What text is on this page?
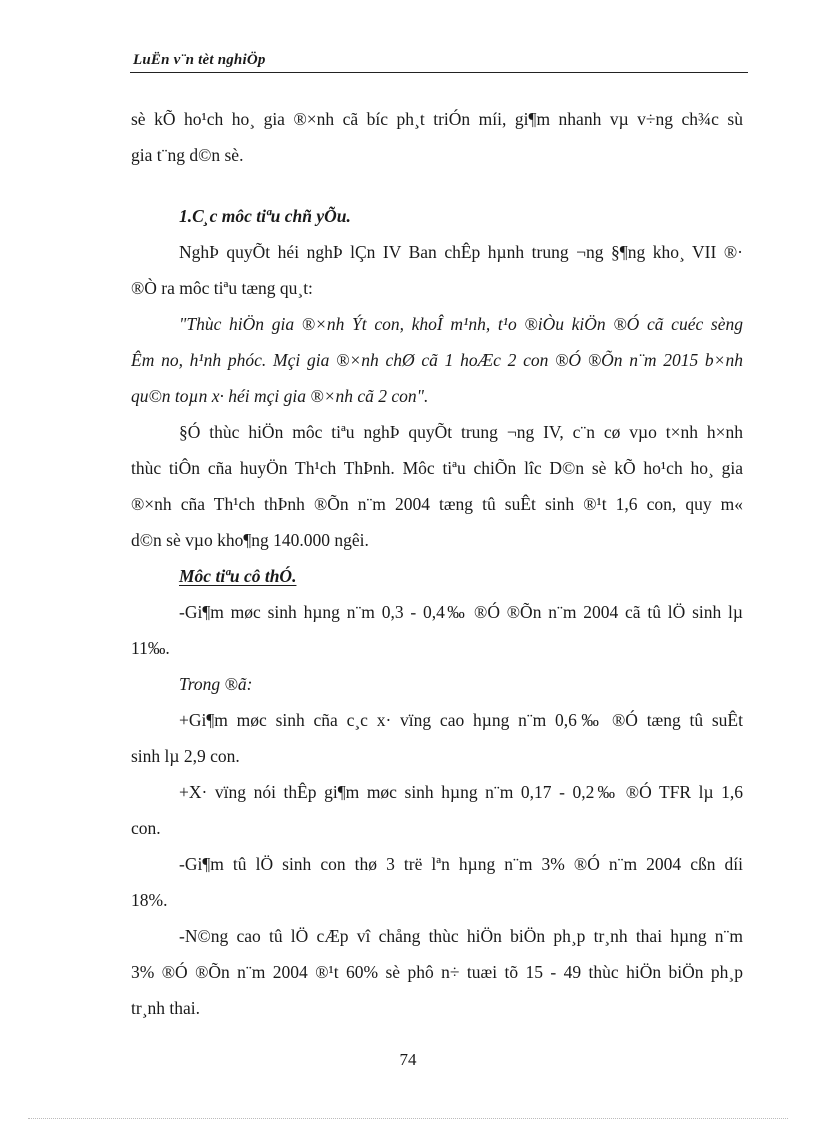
LuËn v¨n tèt nghiÖp
sè kÕ ho¹ch ho¸ gia ®×nh cã bíc ph¸t triÓn míi, gi¶m nhanh vµ v÷ng ch¾c sù
gia t¨ng d©n sè.
1.C¸c môc tiªu chñ yÕu.
NghÞ quyÕt héi nghÞ lÇn IV Ban chÊp hµnh trung ¬ng §¶ng kho¸ VII ®·
®Ò ra môc tiªu tæng qu¸t:
"Thùc hiÖn gia ®×nh Ýt con, khoÎ m¹nh, t¹o ®iÒu kiÖn ®Ó cã cuéc sèng
Êm no, h¹nh phóc. Mçi gia ®×nh chØ cã 1 hoÆc 2 con ®Ó ®Õn n¨m 2015 b×nh
qu©n toµn x· héi mçi gia ®×nh cã 2 con".
§Ó thùc hiÖn môc tiªu nghÞ quyÕt trung ¬ng IV, c¨n cø vµo t×nh h×nh
thùc tiÔn cña huyÖn Th¹ch ThÞnh. Môc tiªu chiÕn lîc D©n sè kÕ ho¹ch ho¸ gia
®×nh cña Th¹ch thÞnh ®Õn n¨m 2004 tæng tû suÊt sinh ®¹t 1,6 con, quy m«
d©n sè vµo kho¶ng 140.000 ngêi.
Môc tiªu cô thÓ.
-Gi¶m møc sinh hµng n¨m 0,3 - 0,4‰ ®Ó ®Õn n¨m 2004 cã tû lÖ sinh lµ
11‰.
Trong ®ã:
+Gi¶m møc sinh cña c¸c x· vïng cao hµng n¨m 0,6‰ ®Ó tæng tû suÊt
sinh lµ 2,9 con.
+X· vïng nói thÊp gi¶m møc sinh hµng n¨m 0,17 - 0,2‰ ®Ó TFR lµ 1,6
con.
-Gi¶m tû lÖ sinh con thø 3 trë lªn hµng n¨m 3% ®Ó n¨m 2004 cßn díi
18%.
-N©ng cao tû lÖ cÆp vî chång thùc hiÖn biÖn ph¸p tr¸nh thai hµng n¨m
3% ®Ó ®Õn n¨m 2004 ®¹t 60% sè phô n÷ tuæi tõ 15 - 49 thùc hiÖn biÖn ph¸p
tr¸nh thai.
74
